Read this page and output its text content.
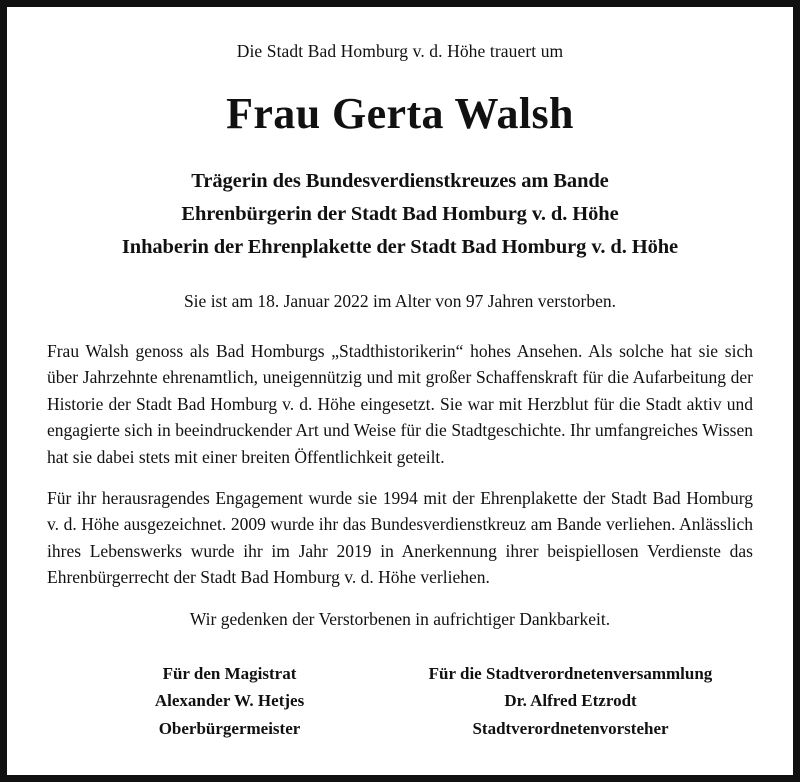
Die Stadt Bad Homburg v. d. Höhe trauert um

Frau Gerta Walsh
Trägerin des Bundesverdienstkreuzes am Bande
Ehrenbürgerin der Stadt Bad Homburg v. d. Höhe
Inhaberin der Ehrenplakette der Stadt Bad Homburg v. d. Höhe

Sie ist am 18. Januar 2022 im Alter von 97 Jahren verstorben.

Frau Walsh genoss als Bad Homburgs „Stadthistorikerin“ hohes Ansehen. Als solche hat sie sich über Jahrzehnte ehrenamtlich, uneigennützig und mit großer Schaffenskraft für die Aufarbeitung der Historie der Stadt Bad Homburg v. d. Höhe eingesetzt. Sie war mit Herzblut für die Stadt aktiv und engagierte sich in beeindruckender Art und Weise für die Stadtgeschichte. Ihr umfangreiches Wissen hat sie dabei stets mit einer breiten Öffentlichkeit geteilt.

Für ihr herausragendes Engagement wurde sie 1994 mit der Ehrenplakette der Stadt Bad Homburg v. d. Höhe ausgezeichnet. 2009 wurde ihr das Bundesverdienstkreuz am Bande verliehen. Anlässlich ihres Lebenswerks wurde ihr im Jahr 2019 in Anerkennung ihrer beispiellosen Verdienste das Ehrenbürgerrecht der Stadt Bad Homburg v. d. Höhe verliehen.

Wir gedenken der Verstorbenen in aufrichtiger Dankbarkeit.

Für den Magistrat
Alexander W. Hetjes
Oberbürgermeister
Für die Stadtverordnetenversammlung
Dr. Alfred Etzrodt
Stadtverordnetenvorsteher
